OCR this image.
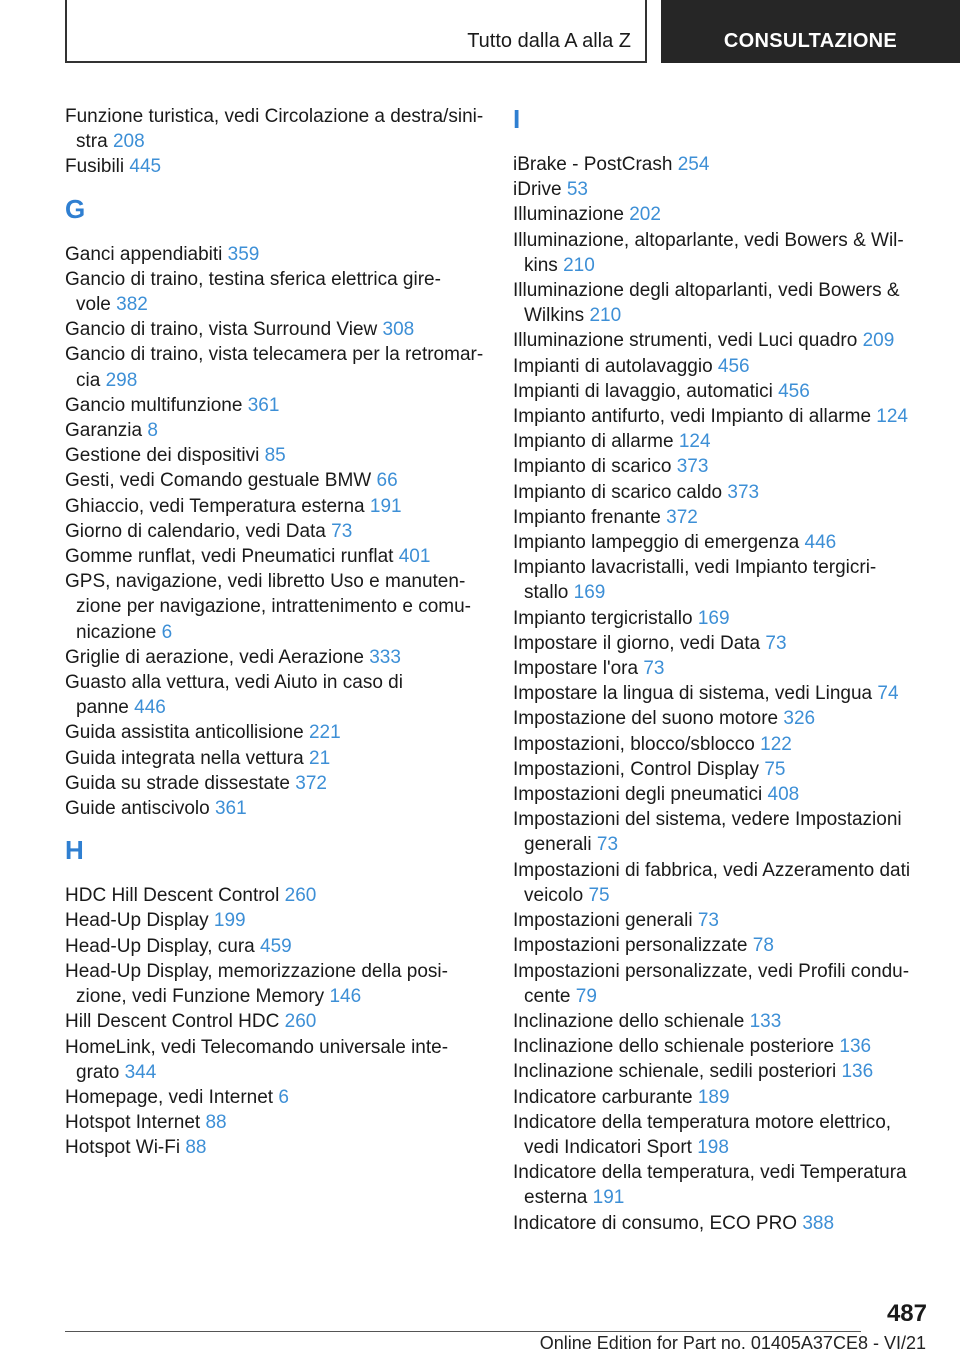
Tutto dalla A alla Z	CONSULTAZIONE
Funzione turistica, vedi Circolazione a destra/sini-
stra 208
Fusibili 445
G
Ganci appendiabiti 359
Gancio di traino, testina sferica elettrica gire-
vole 382
Gancio di traino, vista Surround View 308
Gancio di traino, vista telecamera per la retromar-
cia 298
Gancio multifunzione 361
Garanzia 8
Gestione dei dispositivi 85
Gesti, vedi Comando gestuale BMW 66
Ghiaccio, vedi Temperatura esterna 191
Giorno di calendario, vedi Data 73
Gomme runflat, vedi Pneumatici runflat 401
GPS, navigazione, vedi libretto Uso e manuten-
zione per navigazione, intrattenimento e comu-
nicazione 6
Griglie di aerazione, vedi Aerazione 333
Guasto alla vettura, vedi Aiuto in caso di
panne 446
Guida assistita anticollisione 221
Guida integrata nella vettura 21
Guida su strade dissestate 372
Guide antiscivolo 361
H
HDC Hill Descent Control 260
Head-Up Display 199
Head-Up Display, cura 459
Head-Up Display, memorizzazione della posi-
zione, vedi Funzione Memory 146
Hill Descent Control HDC 260
HomeLink, vedi Telecomando universale inte-
grato 344
Homepage, vedi Internet 6
Hotspot Internet 88
Hotspot Wi-Fi 88
I
iBrake - PostCrash 254
iDrive 53
Illuminazione 202
Illuminazione, altoparlante, vedi Bowers & Wil-
kins 210
Illuminazione degli altoparlanti, vedi Bowers &
Wilkins 210
Illuminazione strumenti, vedi Luci quadro 209
Impianti di autolavaggio 456
Impianti di lavaggio, automatici 456
Impianto antifurto, vedi Impianto di allarme 124
Impianto di allarme 124
Impianto di scarico 373
Impianto di scarico caldo 373
Impianto frenante 372
Impianto lampeggio di emergenza 446
Impianto lavacristalli, vedi Impianto tergicri-
stallo 169
Impianto tergicristallo 169
Impostare il giorno, vedi Data 73
Impostare l'ora 73
Impostare la lingua di sistema, vedi Lingua 74
Impostazione del suono motore 326
Impostazioni, blocco/sblocco 122
Impostazioni, Control Display 75
Impostazioni degli pneumatici 408
Impostazioni del sistema, vedere Impostazioni
generali 73
Impostazioni di fabbrica, vedi Azzeramento dati
veicolo 75
Impostazioni generali 73
Impostazioni personalizzate 78
Impostazioni personalizzate, vedi Profili condu-
cente 79
Inclinazione dello schienale 133
Inclinazione dello schienale posteriore 136
Inclinazione schienale, sedili posteriori 136
Indicatore carburante 189
Indicatore della temperatura motore elettrico,
vedi Indicatori Sport 198
Indicatore della temperatura, vedi Temperatura
esterna 191
Indicatore di consumo, ECO PRO 388
487
Online Edition for Part no. 01405A37CE8 - VI/21
